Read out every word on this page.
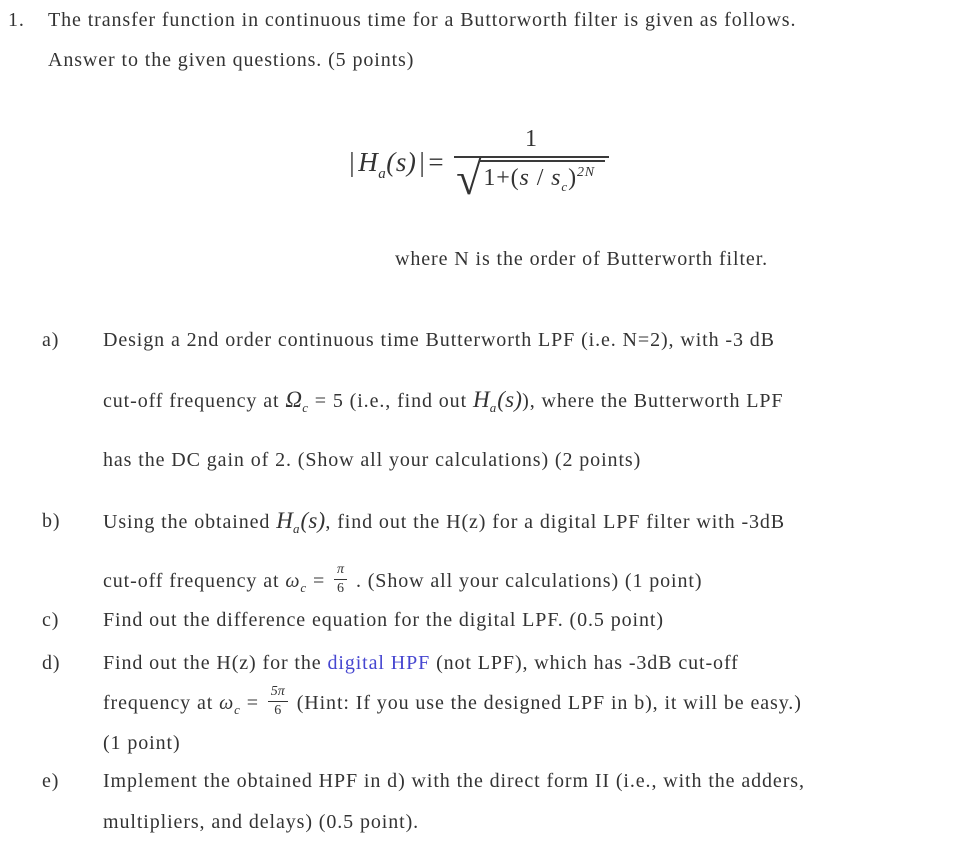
1.	The transfer function in continuous time for a Buttorworth filter is given as follows.
Answer to the given questions. (5 points)
| H a (s) | = $\frac{1}{√ 1+(s / s_c)^{2N}}$
where N is the order of Butterworth filter.
a) Design a 2nd order continuous time Butterworth LPF (i.e. N=2), with -3 dB
cut-off frequency at $\Omega_c = 5$ (i.e., find out $H_a(s)$), where the Butterworth LPF
has the DC gain of 2. (Show all your calculations) (2 points)
b) Using the obtained $H_a(s)$, find out the H(z) for a digital LPF filter with -3dB
cut-off frequency at $\omega_c = \frac{\pi}{6}$ . (Show all your calculations) (1 point)
c) Find out the difference equation for the digital LPF. (0.5 point)
d) Find out the H(z) for the digital HPF (not LPF), which has -3dB cut-off
frequency at $\omega_c = \frac{5\pi}{6}$ (Hint: If you use the designed LPF in b), it will be easy.)
(1 point)
e) Implement the obtained HPF in d) with the direct form II (i.e., with the adders,
multipliers, and delays) (0.5 point).
